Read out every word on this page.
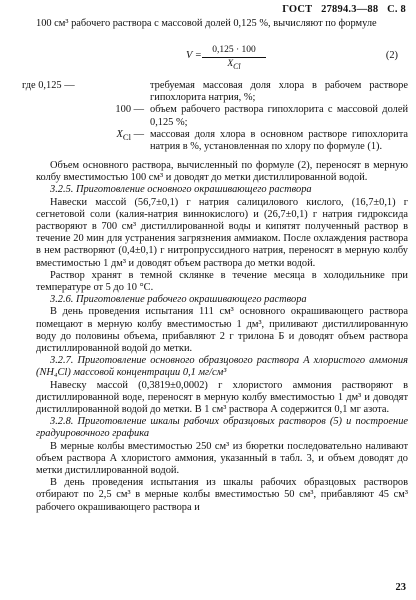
ГОСТ 27894.3—88 С. 8

100 см³ рабочего раствора с массовой долей 0,125 %, вычисляют по формуле

V =	0,125 · 100
$X_{Cl}$
(2)
где 0,125 —	требуемая массовая доля хлора в рабочем растворе гипохлорита натрия, %;
100 — объем рабочего раствора гипохлорита с массовой долей 0,125 %;
$X_{Cl}$ — массовая доля хлора в основном растворе гипохлорита натрия в %, установленная по хлору по формуле (1).

Объем основного раствора, вычисленный по формуле (2), переносят в мерную колбу вместимостью 100 см³ и доводят до метки дистиллированной водой.

3.2.5. Приготовление основного окрашивающего раствора

Навески массой (56,7±0,1) г натрия салицилового кислого, (16,7±0,1) г сегнетовой соли (калия-натрия виннокислого) и (26,7±0,1) г натрия гидроксида растворяют в 700 см³ дистиллированной воды и кипятят полученный раствор в течение 20 мин для устранения загрязнения аммиаком. После охлаждения раствора в нем растворяют (0,4±0,1) г нитропруссидного натрия, переносят в мерную колбу вместимостью 1 дм³ и доводят объем раствора до метки водой.

Раствор хранят в темной склянке в течение месяца в холодильнике при температуре от 5 до 10 °С.

3.2.6. Приготовление рабочего окрашивающего раствора

В день проведения испытания 111 см³ основного окрашивающего раствора помещают в мерную колбу вместимостью 1 дм³, приливают дистиллированную воду до половины объема, прибавляют 2 г трилона Б и доводят объем раствора дистиллированной водой до метки.

3.2.7. Приготовление основного образцового раствора А хлористого аммония (NH₄Cl) массовой концентрации 0,1 мг/см³

Навеску массой (0,3819±0,0002) г хлористого аммония растворяют в дистиллированной воде, переносят в мерную колбу вместимостью 1 дм³ и доводят дистиллированной водой до метки. В 1 см³ раствора А содержится 0,1 мг азота.

3.2.8. Приготовление шкалы рабочих образцовых растворов (5) и построение градуировочного графика

В мерные колбы вместимостью 250 см³ из бюретки последовательно наливают объем раствора А хлористого аммония, указанный в табл. 3, и объем доводят до метки дистиллированной водой.

В день проведения испытания из шкалы рабочих образцовых растворов отбирают по 2,5 см³ в мерные колбы вместимостью 50 см³, прибавляют 45 см³ рабочего окрашивающего раствора и

23
